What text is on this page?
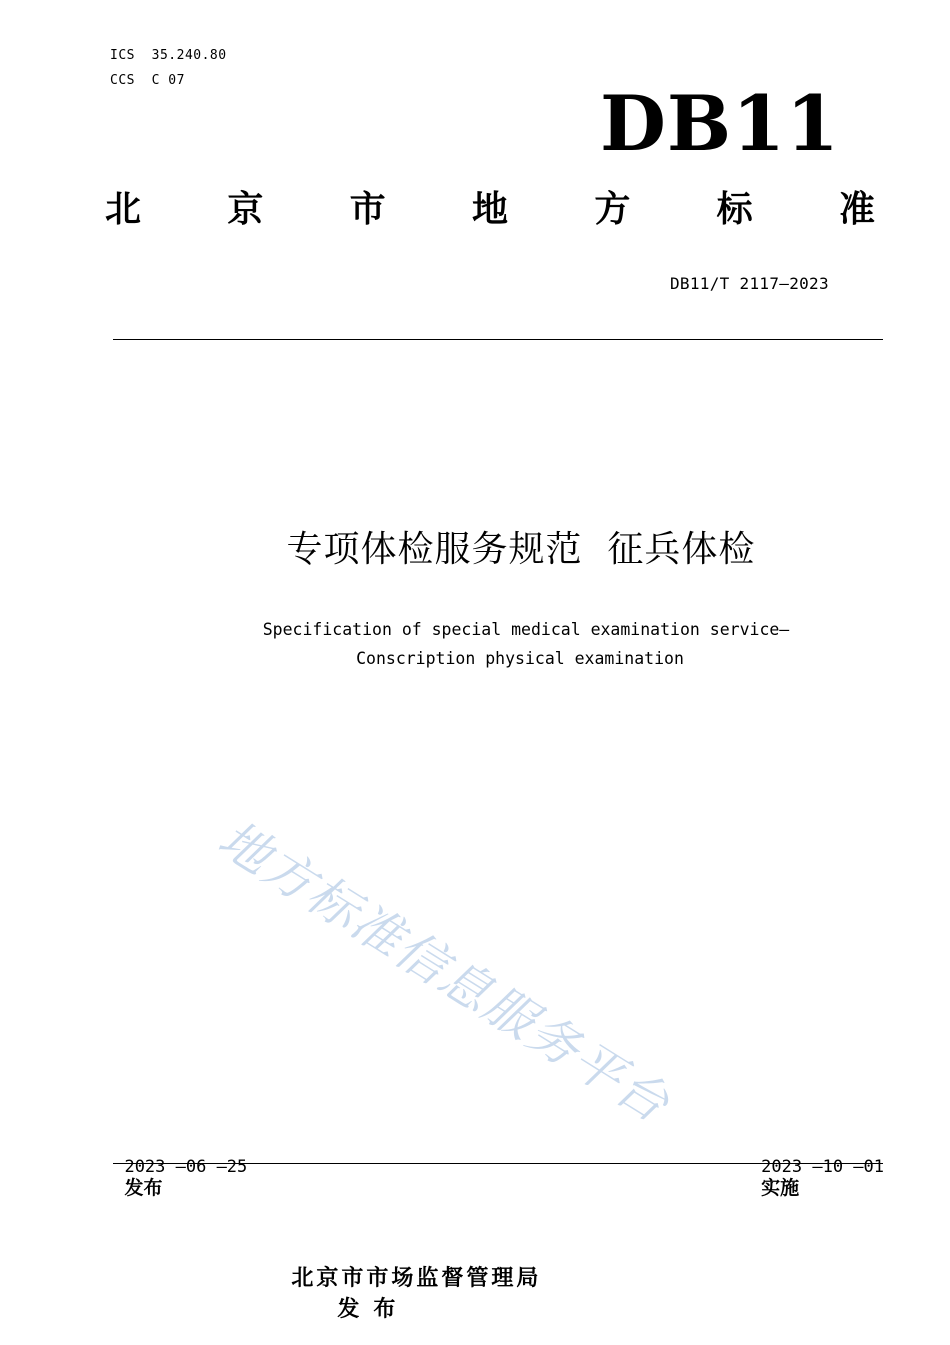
ICS  35.240.80
CCS  C 07	DB11
北 京 市 地 方 标 准
DB11/T 2117—2023
专项体检服务规范  征兵体检
Specification of special medical examination service—
Conscription physical examination
地方标准信息服务平台

2023 —06 —25
发布

2023 —10 —01
实施

北京市市场监督管理局
发布
